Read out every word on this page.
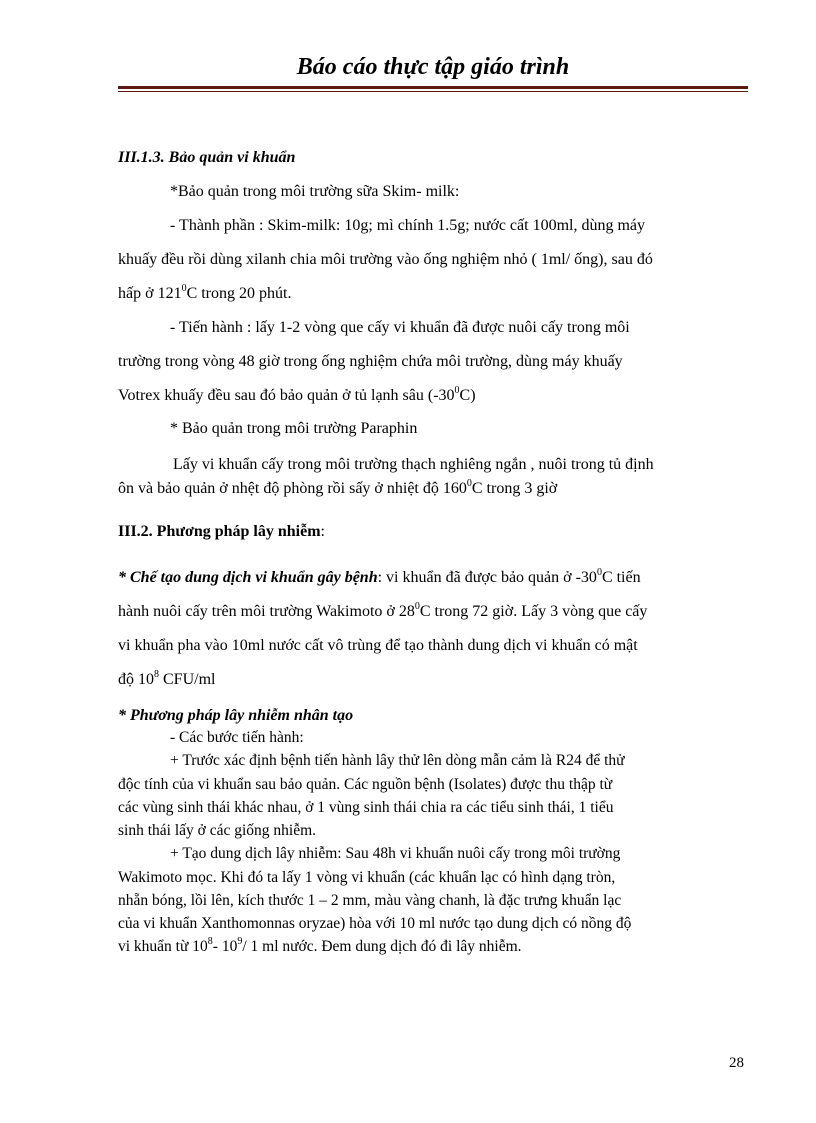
Báo cáo thực tập giáo trình

III.1.3. Bảo quản vi khuẩn

*Bảo quản trong môi trường sữa Skim- milk:

- Thành phần : Skim-milk: 10g; mì chính 1.5g; nước cất 100ml, dùng máy

khuấy đều rồi dùng xilanh chia môi trường vào ống nghiệm nhỏ ( 1ml/ ống), sau đó

hấp ở $121^0C$ trong 20 phút.

- Tiến hành : lấy 1-2 vòng que cấy vi khuẩn đã được nuôi cấy trong môi

trường trong vòng 48 giờ trong ống nghiệm chứa môi trường, dùng máy khuấy

Votrex khuấy đều sau đó bảo quản ở tủ lạnh sâu $(-30^0C)$

* Bảo quản trong môi trường Paraphin

Lấy vi khuẩn cấy trong môi trường thạch nghiêng ngắn , nuôi trong tủ định

ôn và bảo quản ở nhệt độ phòng rồi sấy ở nhiệt độ $160^0C$ trong 3 giờ

III.2. Phương pháp lây nhiễm:

* Chế tạo dung dịch vi khuẩn gây bệnh: vi khuẩn đã được bảo quản ở $-30^0C$ tiến

hành nuôi cấy trên môi trường Wakimoto ở $28^0C$ trong 72 giờ. Lấy 3 vòng que cấy

vi khuẩn pha vào 10ml nước cất vô trùng để tạo thành dung dịch vi khuẩn có mật

độ $10^8$ CFU/ml

* Phương pháp lây nhiễm nhân tạo

- Các bước tiến hành:

+ Trước xác định bệnh tiến hành lây thử lên dòng mẫn cảm là R24 để thử

độc tính của vi khuẩn sau bảo quản. Các nguồn bệnh (Isolates) được thu thập từ

các vùng sinh thái khác nhau, ở 1 vùng sinh thái chia ra các tiểu sinh thái, 1 tiểu

sinh thái lấy ở các giống nhiễm.

+ Tạo dung dịch lây nhiễm: Sau 48h vi khuẩn nuôi cấy trong môi trường

Wakimoto mọc. Khi đó ta lấy 1 vòng vi khuẩn (các khuẩn lạc có hình dạng tròn,

nhẵn bóng, lồi lên, kích thước 1 – 2 mm, màu vàng chanh, là đặc trưng khuẩn lạc

của vi khuẩn Xanthomonnas oryzae) hòa với 10 ml nước tạo dung dịch có nồng độ

vi khuẩn từ $10^8-$ $10^9/$ 1 ml nước. Đem dung dịch đó đi lây nhiễm.

28
